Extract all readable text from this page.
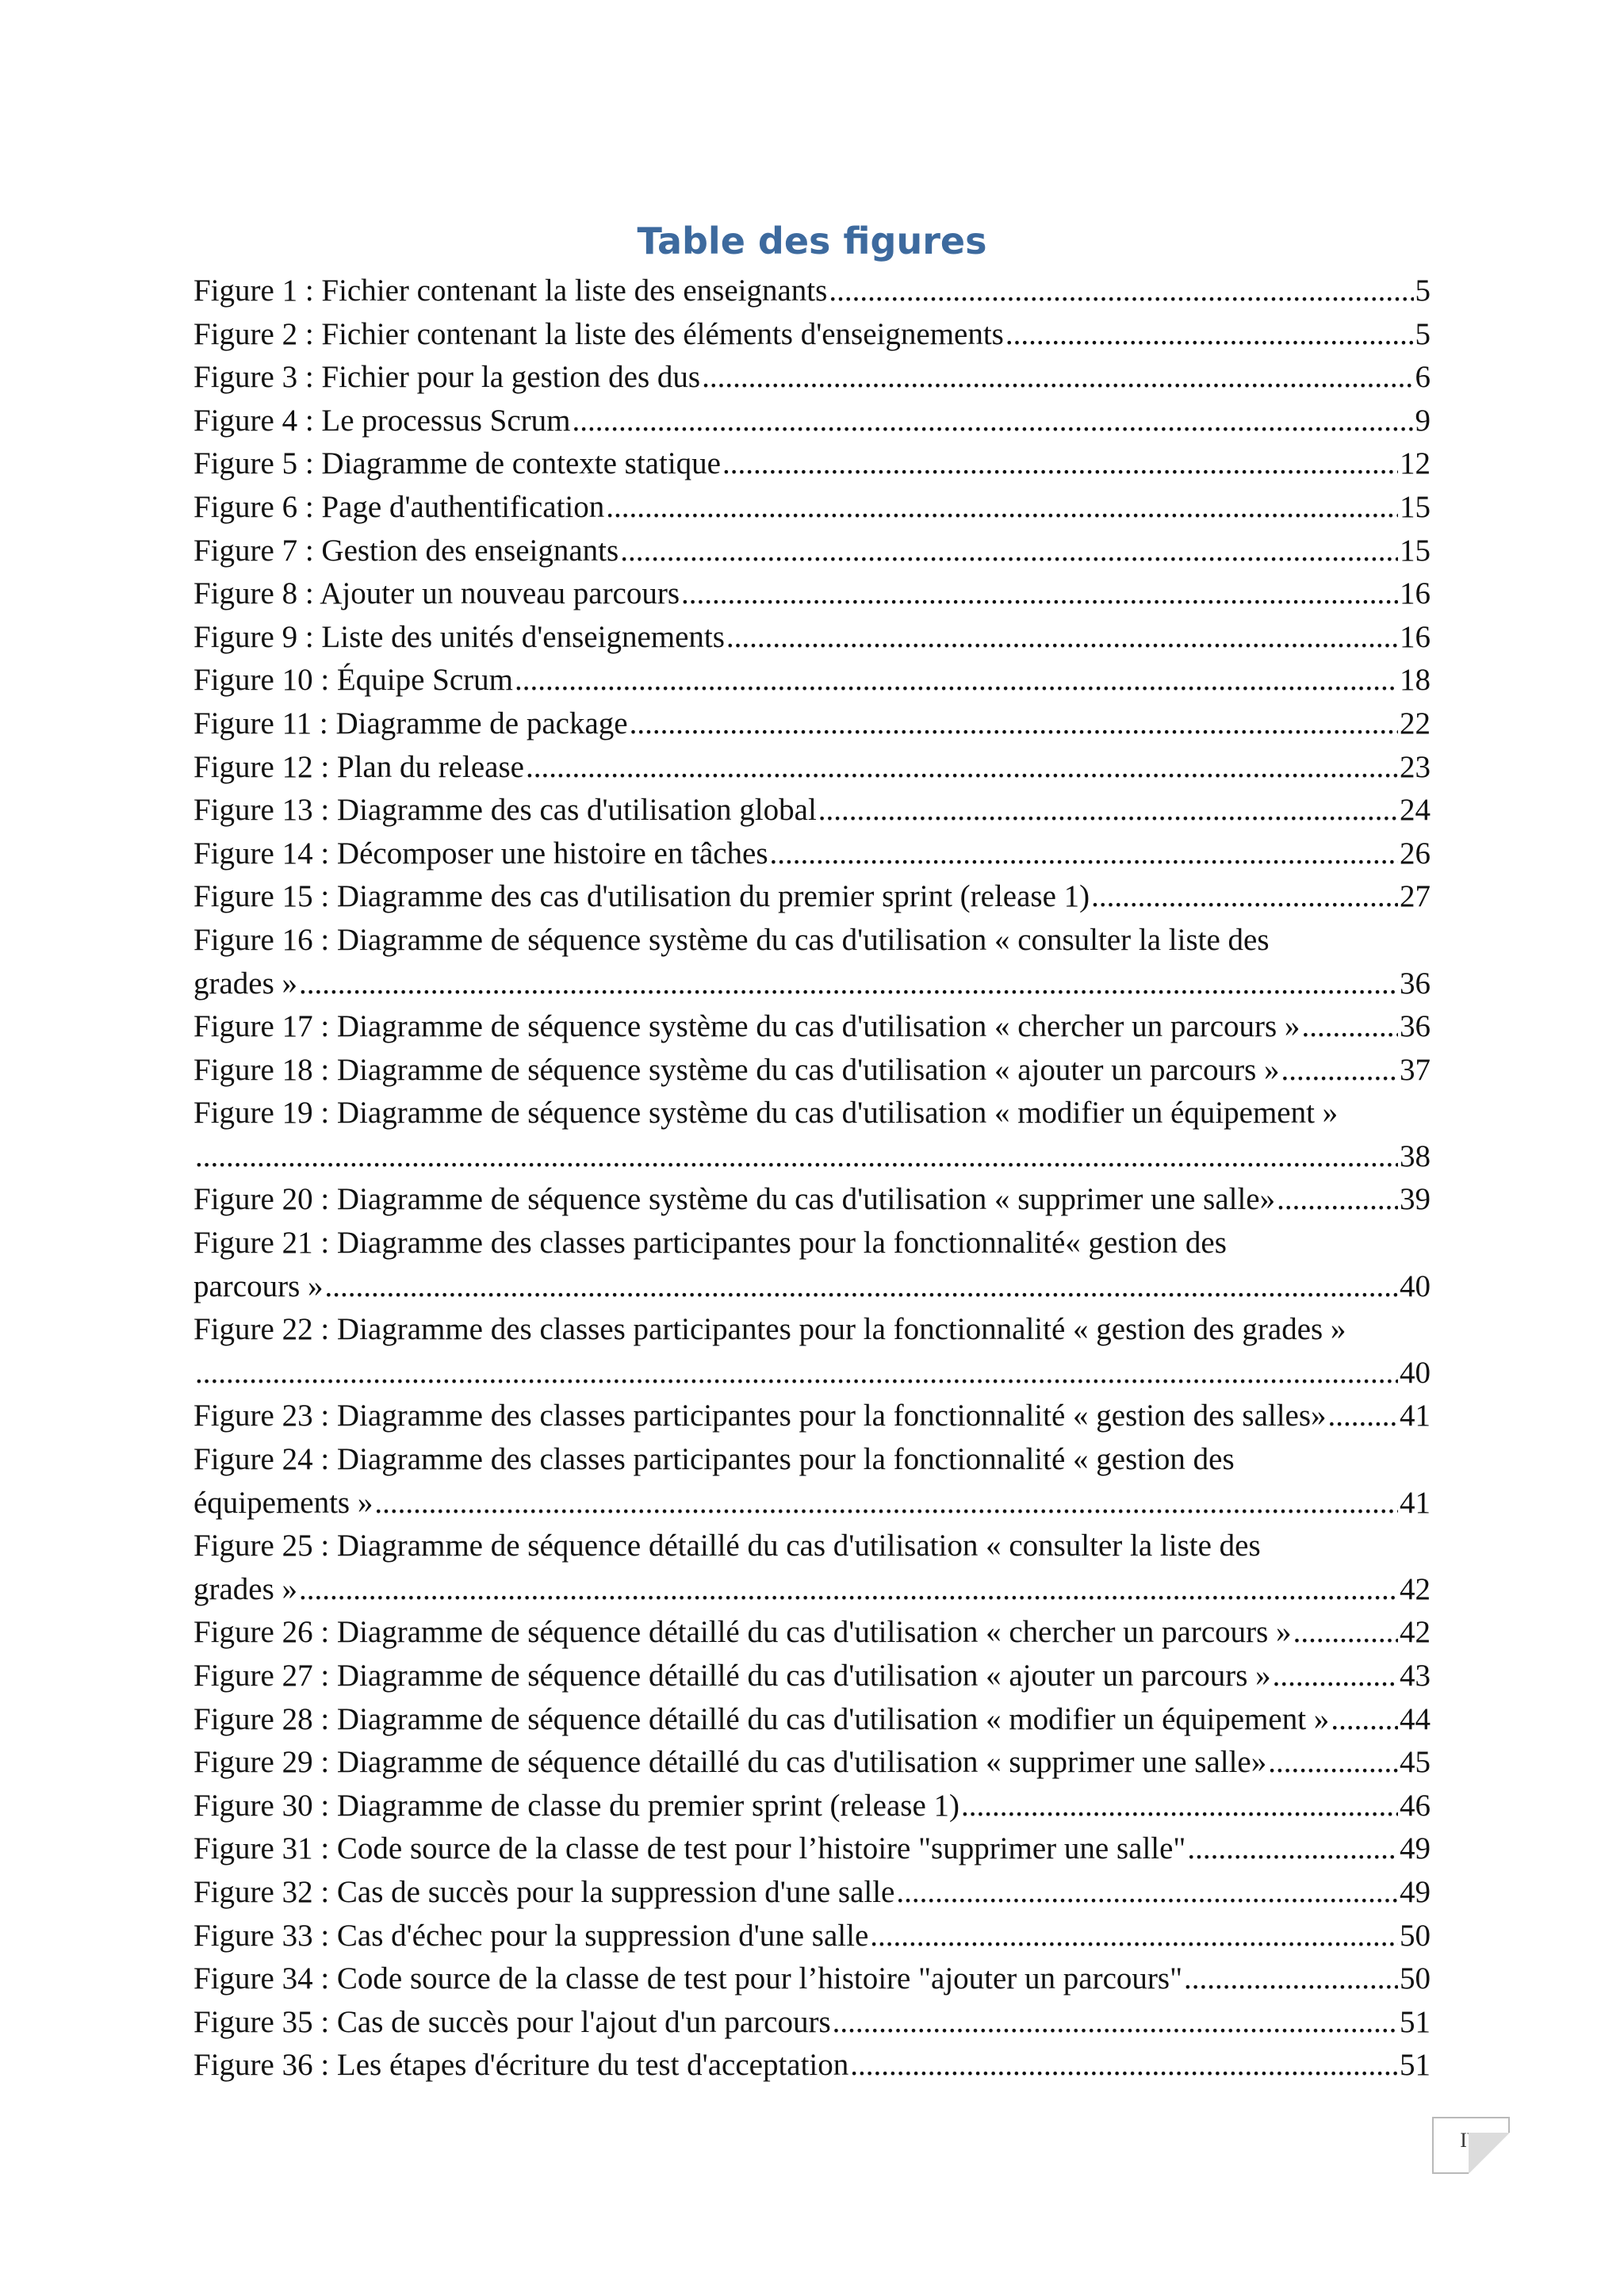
Table des figures
Figure 1 : Fichier contenant la liste des enseignants .....	5
Figure 2 : Fichier contenant la liste des éléments d'enseignements .....	5
Figure 3 : Fichier pour la gestion des dus .....	6
Figure 4 : Le processus Scrum .....	9
Figure 5 : Diagramme de contexte statique .....	12
Figure 6 : Page d'authentification .....	15
Figure 7 : Gestion des enseignants .....	15
Figure 8 : Ajouter un nouveau parcours .....	16
Figure 9 : Liste des unités d'enseignements .....	16
Figure 10 : Équipe Scrum .....	18
Figure 11 : Diagramme de package .....	22
Figure 12 : Plan du release .....	23
Figure 13 : Diagramme des cas d'utilisation global .....	24
Figure 14 : Décomposer une histoire en tâches .....	26
Figure 15 : Diagramme des cas d'utilisation du premier sprint (release 1) .....	27
Figure 16 : Diagramme de séquence système du cas d'utilisation « consulter la liste des
grades » .....	36
Figure 17 : Diagramme de séquence système du cas d'utilisation « chercher un parcours » .....	36
Figure 18 : Diagramme de séquence système du cas d'utilisation « ajouter un parcours » .....	37
Figure 19 : Diagramme de séquence système du cas d'utilisation « modifier un équipement »
.....
38
Figure 20 : Diagramme de séquence système du cas d'utilisation « supprimer une salle» .....	39
Figure 21 : Diagramme des classes participantes pour la fonctionnalité« gestion des
parcours » .....	40
Figure 22 : Diagramme des classes participantes pour la fonctionnalité « gestion des grades »
.....
40
Figure 23 : Diagramme des classes participantes pour la fonctionnalité « gestion des salles» ..... 41
Figure 24 : Diagramme des classes participantes pour la fonctionnalité « gestion des
équipements » .....	41
Figure 25 : Diagramme de séquence détaillé du cas d'utilisation « consulter la liste des
grades » .....	42
Figure 26 : Diagramme de séquence détaillé du cas d'utilisation « chercher un parcours » .....	42
Figure 27 : Diagramme de séquence détaillé du cas d'utilisation « ajouter un parcours » .....	43
Figure 28 : Diagramme de séquence détaillé du cas d'utilisation « modifier un équipement » ..... 44
Figure 29 : Diagramme de séquence détaillé du cas d'utilisation « supprimer une salle» .....	45
Figure 30 : Diagramme de classe du premier sprint (release 1) .....	46
Figure 31 : Code source de la classe de test pour l’histoire "supprimer une salle" .....	49
Figure 32 : Cas de succès pour la suppression d'une salle .....	49
Figure 33 : Cas d'échec pour la suppression d'une salle .....	50
Figure 34 : Code source de la classe de test pour l’histoire "ajouter un parcours" .....	50
Figure 35 : Cas de succès pour l'ajout d'un parcours .....	51
Figure 36 : Les étapes d'écriture du test d'acceptation .....	51
IV
